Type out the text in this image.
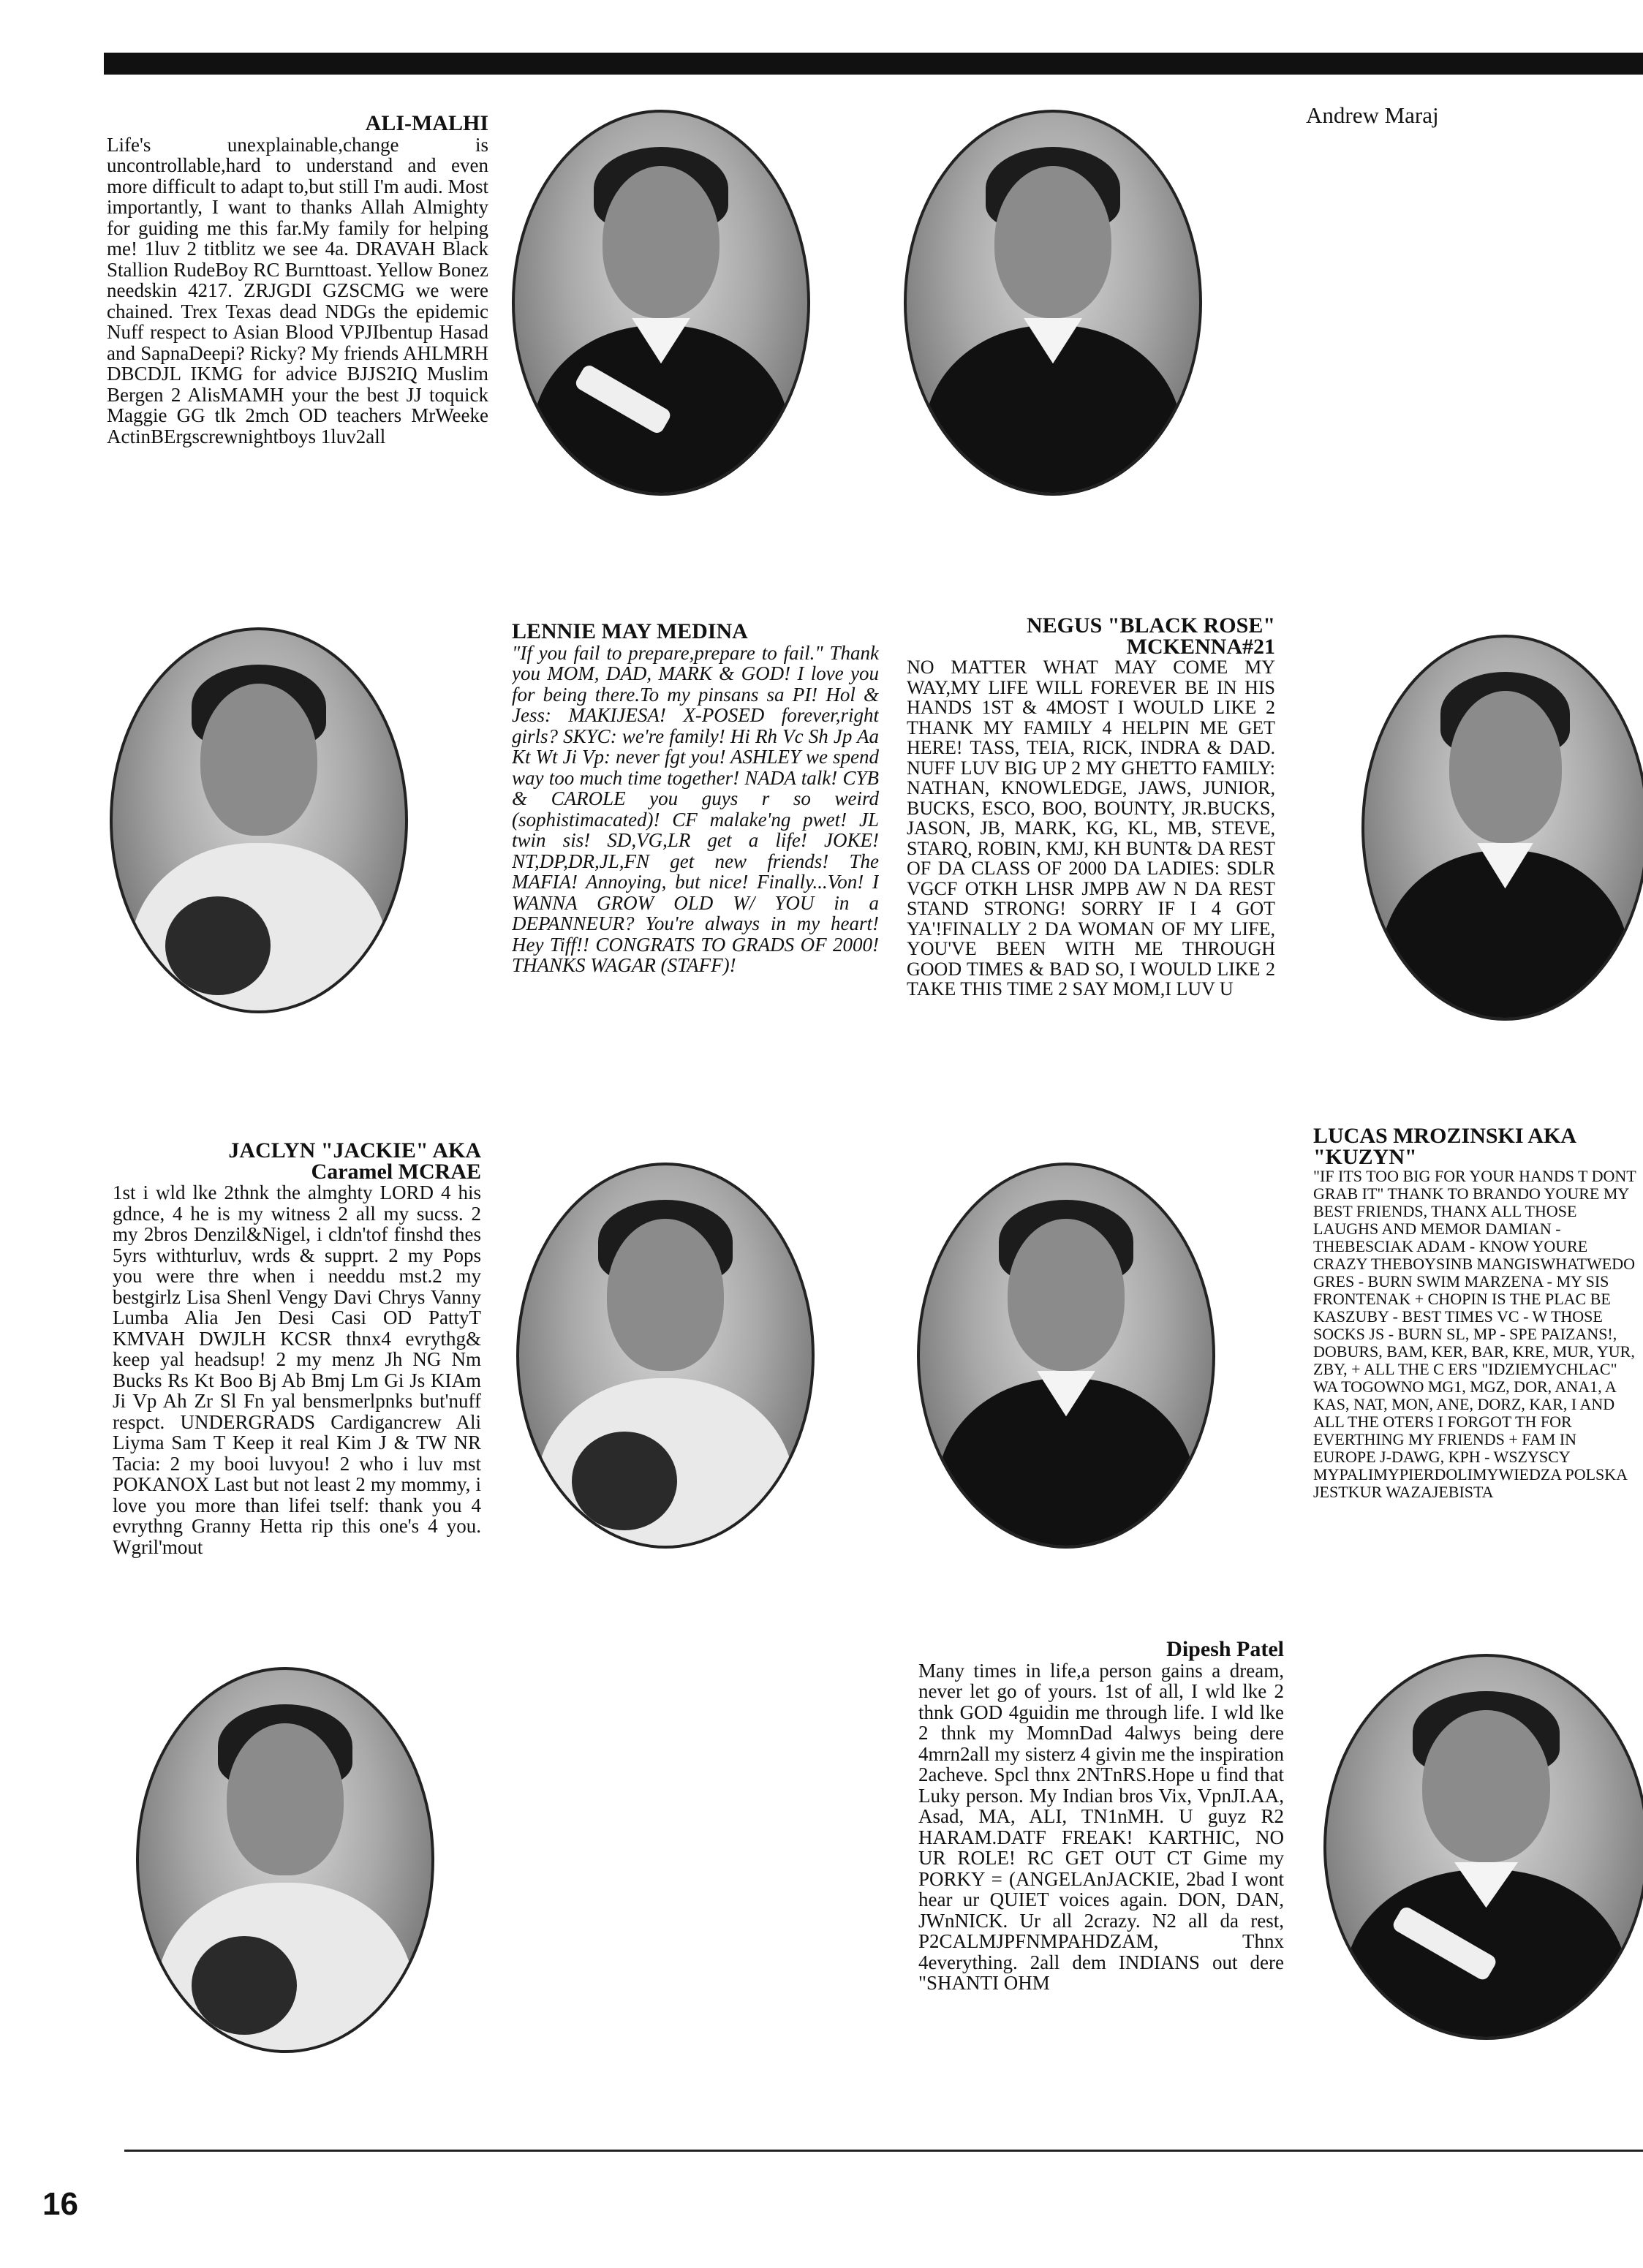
Andrew Maraj
ALI-MALHI

Life's unexplainable,change is uncontrollable,hard to understand and even more difficult to adapt to,but still I'm audi. Most importantly, I want to thanks Allah Almighty for guiding me this far.My family for helping me! 1luv 2 titblitz we see 4a. DRAVAH Black Stallion RudeBoy RC Burnttoast. Yellow Bonez needskin 4217. ZRJGDI GZSCMG we were chained. Trex Texas dead NDGs the epidemic Nuff respect to Asian Blood VPJIbentup Hasad and SapnaDeepi? Ricky? My friends AHLMRH DBCDJL IKMG for advice BJJS2IQ Muslim Bergen 2 AlisMAMH your the best JJ toquick Maggie GG tlk 2mch OD teachers MrWeeke ActinBErgscrewnightboys 1luv2all

LENNIE MAY MEDINA

"If you fail to prepare,prepare to fail." Thank you MOM, DAD, MARK & GOD! I love you for being there.To my pinsans sa PI! Hol & Jess: MAKIJESA! X-POSED forever,right girls? SKYC: we're family! Hi Rh Vc Sh Jp Aa Kt Wt Ji Vp: never fgt you! ASHLEY we spend way too much time together! NADA talk! CYB & CAROLE you guys r so weird (sophistimacated)! CF malake'ng pwet! JL twin sis! SD,VG,LR get a life! JOKE! NT,DP,DR,JL,FN get new friends! The MAFIA! Annoying, but nice! Finally...Von! I WANNA GROW OLD W/ YOU in a DEPANNEUR? You're always in my heart! Hey Tiff!! CONGRATS TO GRADS OF 2000! THANKS WAGAR (STAFF)!

NEGUS "BLACK ROSE"
MCKENNA#21

NO MATTER WHAT MAY COME MY WAY,MY LIFE WILL FOREVER BE IN HIS HANDS 1ST & 4MOST I WOULD LIKE 2 THANK MY FAMILY 4 HELPIN ME GET HERE! TASS, TEIA, RICK, INDRA & DAD. NUFF LUV BIG UP 2 MY GHETTO FAMILY: NATHAN, KNOWLEDGE, JAWS, JUNIOR, BUCKS, ESCO, BOO, BOUNTY, JR.BUCKS, JASON, JB, MARK, KG, KL, MB, STEVE, STARQ, ROBIN, KMJ, KH BUNT& DA REST OF DA CLASS OF 2000 DA LADIES: SDLR VGCF OTKH LHSR JMPB AW N DA REST STAND STRONG! SORRY IF I 4 GOT YA'!FINALLY 2 DA WOMAN OF MY LIFE, YOU'VE BEEN WITH ME THROUGH GOOD TIMES & BAD SO, I WOULD LIKE 2 TAKE THIS TIME 2 SAY MOM,I LUV U

JACLYN "JACKIE" AKA
Caramel MCRAE

1st i wld lke 2thnk the almghty LORD 4 his gdnce, 4 he is my witness 2 all my sucss. 2 my 2bros Denzil&Nigel, i cldn'tof finshd thes 5yrs withturluv, wrds & supprt. 2 my Pops you were thre when i needdu mst.2 my bestgirlz Lisa Shenl Vengy Davi Chrys Vanny Lumba Alia Jen Desi Casi OD PattyT KMVAH DWJLH KCSR thnx4 evrythg& keep yal headsup! 2 my menz Jh NG Nm Bucks Rs Kt Boo Bj Ab Bmj Lm Gi Js KIAm Ji Vp Ah Zr Sl Fn yal bensmerlpnks but'nuff respct. UNDERGRADS Cardigancrew Ali Liyma Sam T Keep it real Kim J & TW NR Tacia: 2 my booi luvyou! 2 who i luv mst POKANOX Last but not least 2 my mommy, i love you more than lifei tself: thank you 4 evrythng Granny Hetta rip this one's 4 you. Wgril'mout

LUCAS MROZINSKI AKA
"KUZYN"

"IF ITS TOO BIG FOR YOUR HANDS T DONT GRAB IT" THANK TO BRANDO YOURE MY BEST FRIENDS, THANX ALL THOSE LAUGHS AND MEMOR DAMIAN - THEBESCIAK ADAM - KNOW YOURE CRAZY THEBOYSINB MANGISWHATWEDO GRES - BURN SWIM MARZENA - MY SIS FRONTENAK + CHOPIN IS THE PLAC BE KASZUBY - BEST TIMES VC - W THOSE SOCKS JS - BURN SL, MP - SPE PAIZANS!, DOBURS, BAM, KER, BAR, KRE, MUR, YUR, ZBY, + ALL THE C ERS "IDZIEMYCHLAC" WA TOGOWNO MG1, MGZ, DOR, ANA1, A KAS, NAT, MON, ANE, DORZ, KAR, I AND ALL THE OTERS I FORGOT TH FOR EVERTHING MY FRIENDS + FAM IN EUROPE J-DAWG, KPH - WSZYSCY MYPALIMYPIERDOLIMYWIEDZA POLSKA JESTKUR WAZAJEBISTA

Dipesh Patel

Many times in life,a person gains a dream, never let go of yours. 1st of all, I wld lke 2 thnk GOD 4guidin me through life. I wld lke 2 thnk my MomnDad 4alwys being dere 4mrn2all my sisterz 4 givin me the inspiration 2acheve. Spcl thnx 2NTnRS.Hope u find that Luky person. My Indian bros Vix, VpnJI.AA, Asad, MA, ALI, TN1nMH. U guyz R2 HARAM.DATF FREAK! KARTHIC, NO UR ROLE! RC GET OUT CT Gime my PORKY = (ANGELAnJACKIE, 2bad I wont hear ur QUIET voices again. DON, DAN, JWnNICK. Ur all 2crazy. N2 all da rest, P2CALMJPFNMPAHDZAM, Thnx 4everything. 2all dem INDIANS out dere "SHANTI OHM

16
